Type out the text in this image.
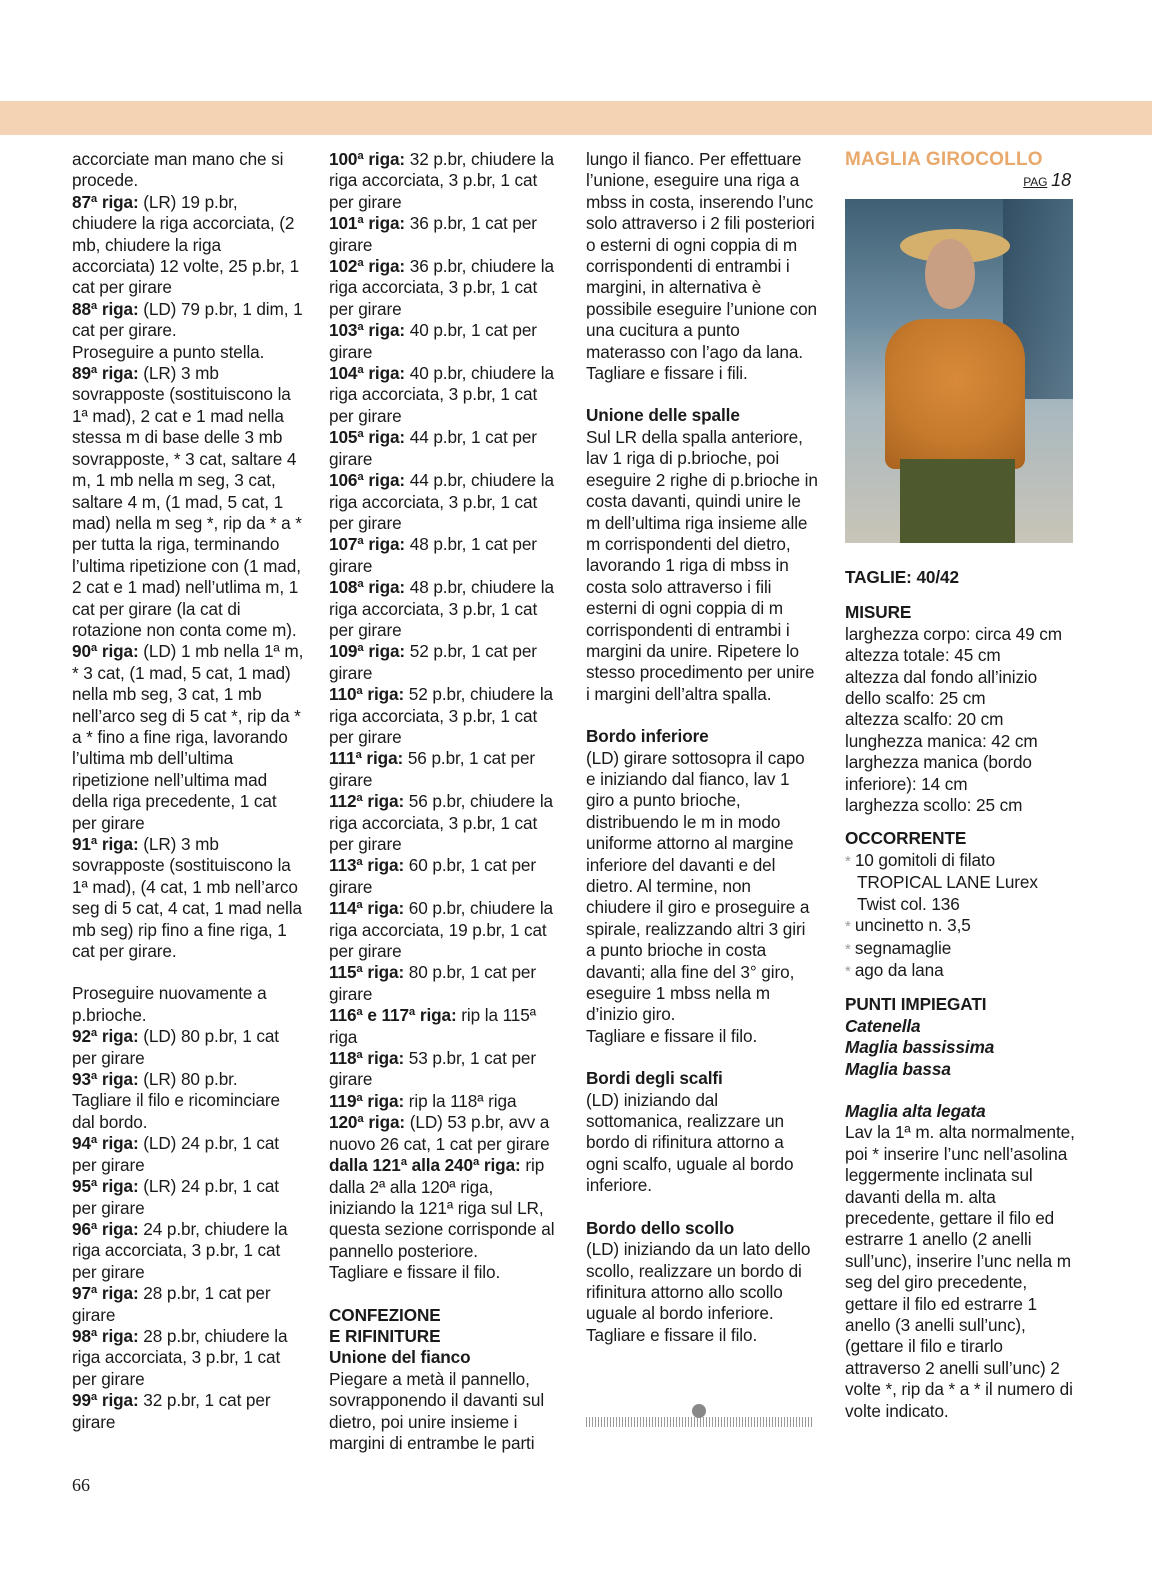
accorciate man mano che si procede.

87ª riga: (LR) 19 p.br, chiudere la riga accorciata, (2 mb, chiudere la riga accorciata) 12 volte, 25 p.br, 1 cat per girare

88ª riga: (LD) 79 p.br, 1 dim, 1 cat per girare.

Proseguire a punto stella.

89ª riga: (LR) 3 mb sovrapposte (sostituiscono la 1ª mad), 2 cat e 1 mad nella stessa m di base delle 3 mb sovrapposte, * 3 cat, saltare 4 m, 1 mb nella m seg, 3 cat, saltare 4 m, (1 mad, 5 cat, 1 mad) nella m seg *, rip da * a * per tutta la riga, terminando l’ultima ripetizione con (1 mad, 2 cat e 1 mad) nell’utlima m, 1 cat per girare (la cat di rotazione non conta come m).

90ª riga: (LD) 1 mb nella 1ª m, * 3 cat, (1 mad, 5 cat, 1 mad) nella mb seg, 3 cat, 1 mb nell’arco seg di 5 cat *, rip da * a * fino a fine riga, lavorando l’ultima mb dell’ultima ripetizione nell’ultima mad della riga precedente, 1 cat per girare

91ª riga: (LR) 3 mb sovrapposte (sostituiscono la 1ª mad), (4 cat, 1 mb nell’arco seg di 5 cat, 4 cat, 1 mad nella mb seg) rip fino a fine riga, 1 cat per girare.

Proseguire nuovamente a p.brioche.

92ª riga: (LD) 80 p.br, 1 cat per girare

93ª riga: (LR) 80 p.br.

Tagliare il filo e ricominciare dal bordo.

94ª riga: (LD) 24 p.br, 1 cat per girare

95ª riga: (LR) 24 p.br, 1 cat per girare

96ª riga: 24 p.br, chiudere la riga accorciata, 3 p.br, 1 cat per girare

97ª riga: 28 p.br, 1 cat per girare

98ª riga: 28 p.br, chiudere la riga accorciata, 3 p.br, 1 cat per girare

99ª riga: 32 p.br, 1 cat per girare

100ª riga: 32 p.br, chiudere la riga accorciata, 3 p.br, 1 cat per girare

101ª riga: 36 p.br, 1 cat per girare

102ª riga: 36 p.br, chiudere la riga accorciata, 3 p.br, 1 cat per girare

103ª riga: 40 p.br, 1 cat per girare

104ª riga: 40 p.br, chiudere la riga accorciata, 3 p.br, 1 cat per girare

105ª riga: 44 p.br, 1 cat per girare

106ª riga: 44 p.br, chiudere la riga accorciata, 3 p.br, 1 cat per girare

107ª riga: 48 p.br, 1 cat per girare

108ª riga: 48 p.br, chiudere la riga accorciata, 3 p.br, 1 cat per girare

109ª riga: 52 p.br, 1 cat per girare

110ª riga: 52 p.br, chiudere la riga accorciata, 3 p.br, 1 cat per girare

111ª riga: 56 p.br, 1 cat per girare

112ª riga: 56 p.br, chiudere la riga accorciata, 3 p.br, 1 cat per girare

113ª riga: 60 p.br, 1 cat per girare

114ª riga: 60 p.br, chiudere la riga accorciata, 19 p.br, 1 cat per girare

115ª riga: 80 p.br, 1 cat per girare

116ª e 117ª riga: rip la 115ª riga

118ª riga: 53 p.br, 1 cat per girare

119ª riga: rip la 118ª riga

120ª riga: (LD) 53 p.br, avv a nuovo 26 cat, 1 cat per girare

dalla 121ª alla 240ª riga: rip dalla 2ª alla 120ª riga, iniziando la 121ª riga sul LR, questa sezione corrisponde al pannello posteriore.

Tagliare e fissare il filo.

CONFEZIONE

E RIFINITURE

Unione del fianco

Piegare a metà il pannello, sovrapponendo il davanti sul dietro, poi unire insieme i margini di entrambe le parti

lungo il fianco. Per effettuare l’unione, eseguire una riga a mbss in costa, inserendo l’unc solo attraverso i 2 fili posteriori o esterni di ogni coppia di m corrispondenti di entrambi i margini, in alternativa è possibile eseguire l’unione con una cucitura a punto materasso con l’ago da lana.

Tagliare e fissare i fili.

Unione delle spalle

Sul LR della spalla anteriore, lav 1 riga di p.brioche, poi eseguire 2 righe di p.brioche in costa davanti, quindi unire le m dell’ultima riga insieme alle m corrispondenti del dietro, lavorando 1 riga di mbss in costa solo attraverso i fili esterni di ogni coppia di m corrispondenti di entrambi i margini da unire. Ripetere lo stesso procedimento per unire i margini dell’altra spalla.

Bordo inferiore

(LD) girare sottosopra il capo e iniziando dal fianco, lav 1 giro a punto brioche, distribuendo le m in modo uniforme attorno al margine inferiore del davanti e del dietro. Al termine, non chiudere il giro e proseguire a spirale, realizzando altri 3 giri a punto brioche in costa davanti; alla fine del 3° giro, eseguire 1 mbss nella m d’inizio giro.

Tagliare e fissare il filo.

Bordi degli scalfi

(LD) iniziando dal sottomanica, realizzare un bordo di rifinitura attorno a ogni scalfo, uguale al bordo inferiore.

Bordo dello scollo

(LD) iniziando da un lato dello scollo, realizzare un bordo di rifinitura attorno allo scollo uguale al bordo inferiore.

Tagliare e fissare il filo.

MAGLIA GIROCOLLO

PAG 18

TAGLIE: 40/42

MISURE

larghezza corpo: circa 49 cm

altezza totale: 45 cm

altezza dal fondo all’inizio dello scalfo: 25 cm

altezza scalfo: 20 cm

lunghezza manica: 42 cm

larghezza manica (bordo inferiore): 14 cm

larghezza scollo: 25 cm

OCCORRENTE

* 10 gomitoli di filato TROPICAL LANE Lurex Twist col. 136

* uncinetto n. 3,5

* segnamaglie

* ago da lana

PUNTI IMPIEGATI

Catenella

Maglia bassissima

Maglia bassa

Maglia alta legata

Lav la 1ª m. alta normalmente, poi * inserire l’unc nell’asolina leggermente inclinata sul davanti della m. alta precedente, gettare il filo ed estrarre 1 anello (2 anelli sull’unc), inserire l’unc nella m seg del giro precedente, gettare il filo ed estrarre 1 anello (3 anelli sull’unc), (gettare il filo e tirarlo attraverso 2 anelli sull’unc) 2 volte *, rip da * a * il numero di volte indicato.

66
